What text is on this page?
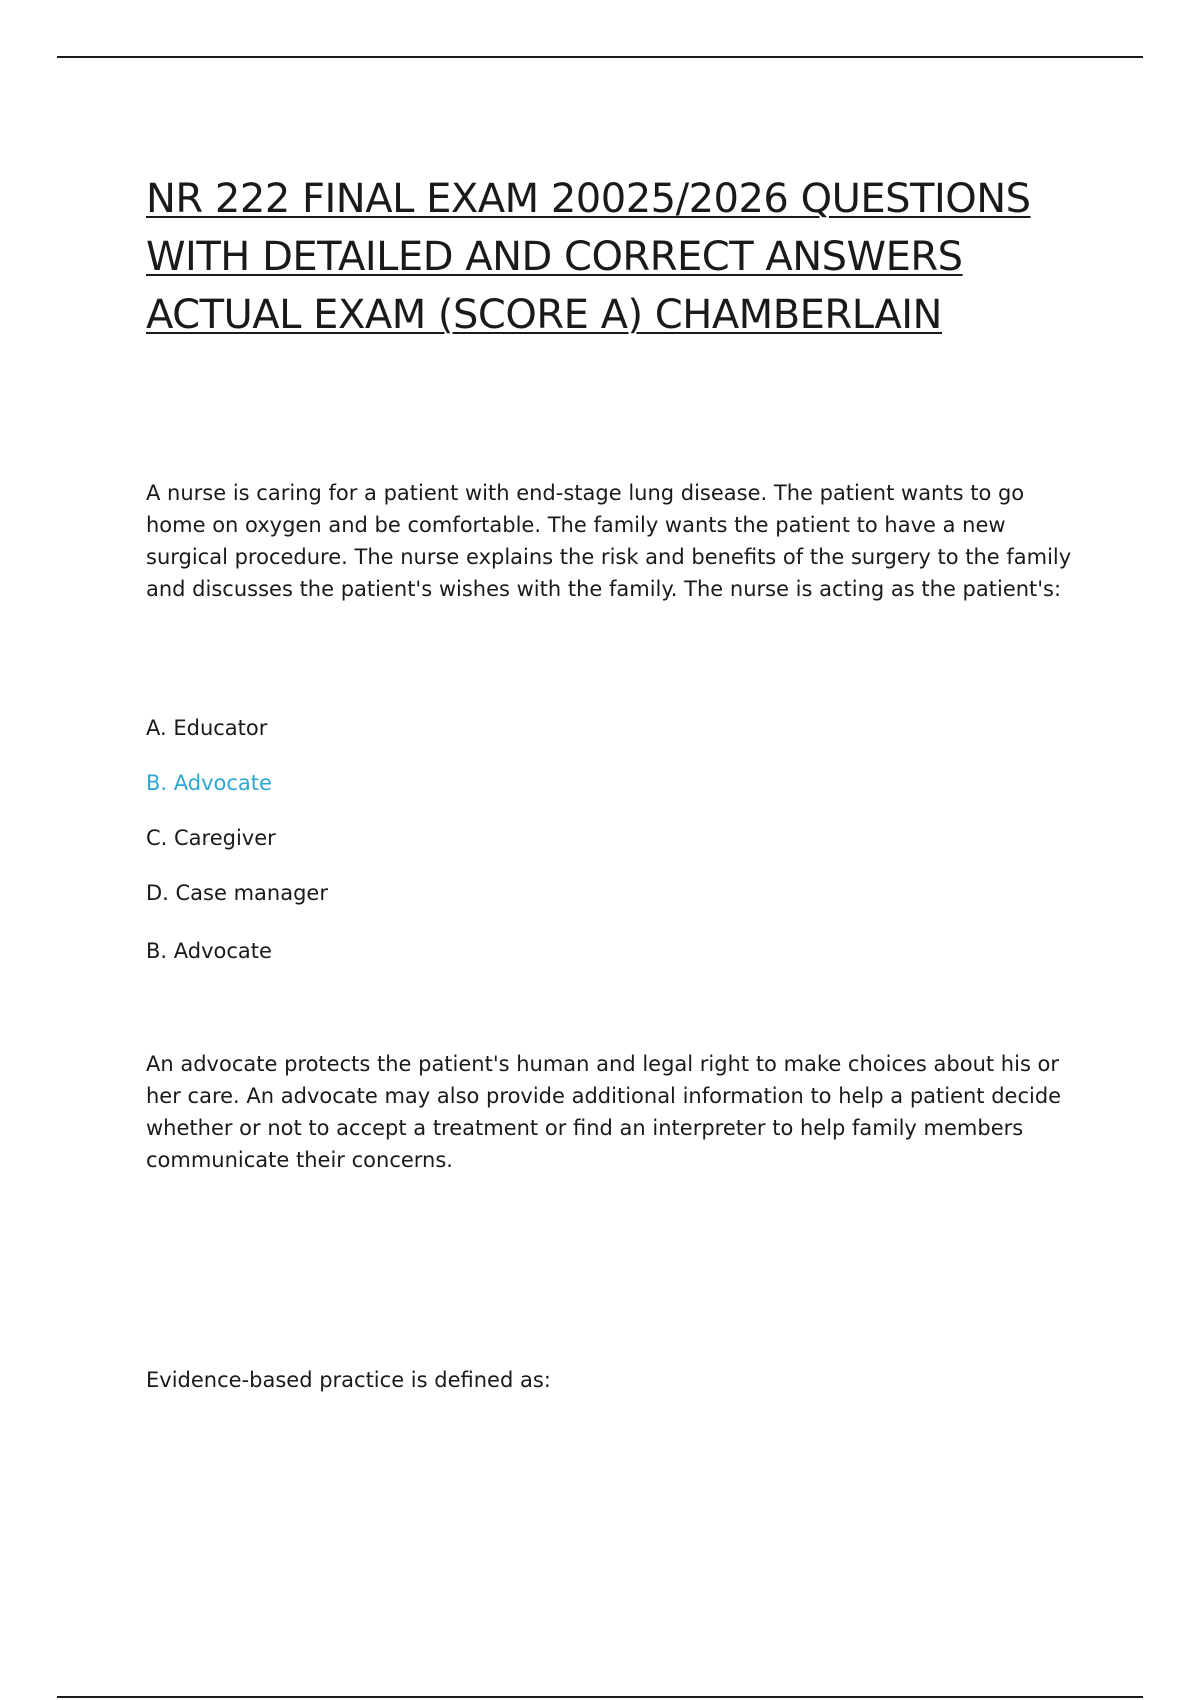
NR 222 FINAL EXAM 20025/2026 QUESTIONS WITH DETAILED AND CORRECT ANSWERS ACTUAL EXAM (SCORE A) CHAMBERLAIN

A nurse is caring for a patient with end-stage lung disease. The patient wants to go home on oxygen and be comfortable. The family wants the patient to have a new surgical procedure. The nurse explains the risk and benefits of the surgery to the family and discusses the patient's wishes with the family. The nurse is acting as the patient's:

A. Educator
B. Advocate
C. Caregiver
D. Case manager

B. Advocate

An advocate protects the patient's human and legal right to make choices about his or her care. An advocate may also provide additional information to help a patient decide whether or not to accept a treatment or find an interpreter to help family members communicate their concerns.

Evidence-based practice is defined as:
